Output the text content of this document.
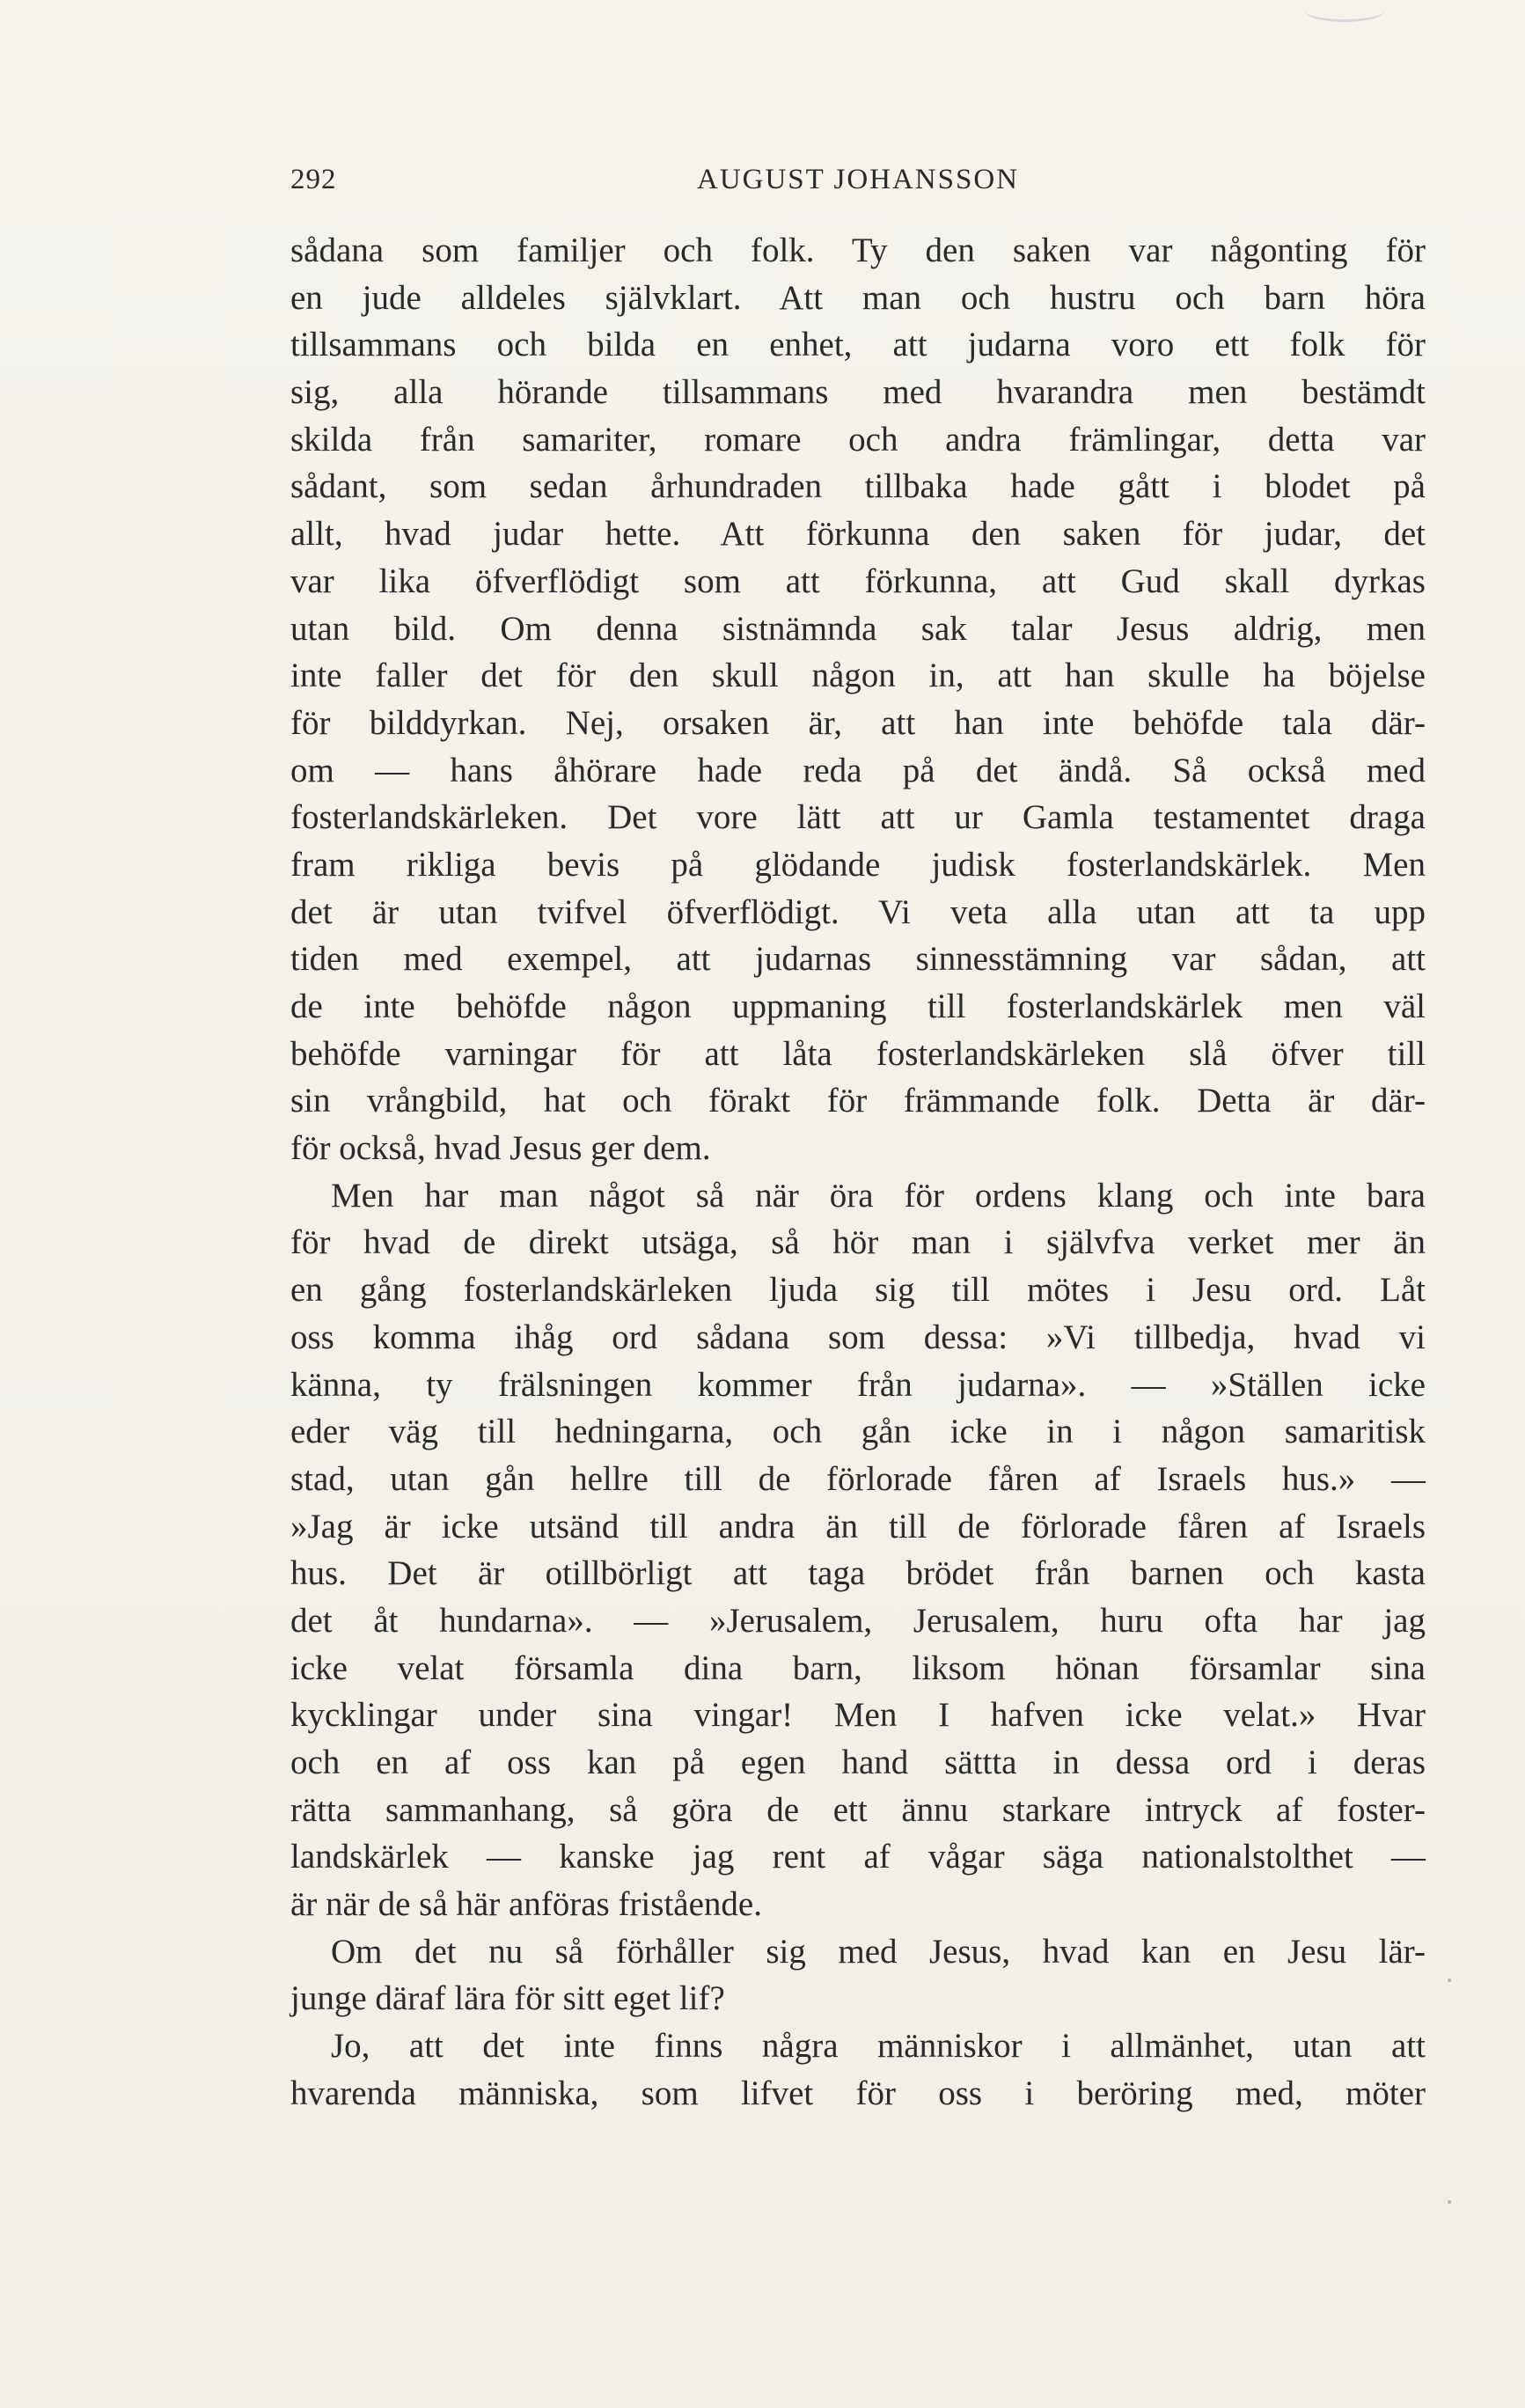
292	AUGUST JOHANSSON
sådana som familjer och folk. Ty den saken var någonting för
en jude alldeles självklart. Att man och hustru och barn höra
tillsammans och bilda en enhet, att judarna voro ett folk för
sig, alla hörande tillsammans med hvarandra men bestämdt
skilda från samariter, romare och andra främlingar, detta var
sådant, som sedan århundraden tillbaka hade gått i blodet på
allt, hvad judar hette. Att förkunna den saken för judar, det
var lika öfverflödigt som att förkunna, att Gud skall dyrkas
utan bild. Om denna sistnämnda sak talar Jesus aldrig, men
inte faller det för den skull någon in, att han skulle ha böjelse
för bilddyrkan. Nej, orsaken är, att han inte behöfde tala där-
om — hans åhörare hade reda på det ändå. Så också med
fosterlandskärleken. Det vore lätt att ur Gamla testamentet draga
fram rikliga bevis på glödande judisk fosterlandskärlek. Men
det är utan tvifvel öfverflödigt. Vi veta alla utan att ta upp
tiden med exempel, att judarnas sinnesstämning var sådan, att
de inte behöfde någon uppmaning till fosterlandskärlek men väl
behöfde varningar för att låta fosterlandskärleken slå öfver till
sin vrångbild, hat och förakt för främmande folk. Detta är där-
för också, hvad Jesus ger dem.
Men har man något så när öra för ordens klang och inte bara
för hvad de direkt utsäga, så hör man i självfva verket mer än
en gång fosterlandskärleken ljuda sig till mötes i Jesu ord. Låt
oss komma ihåg ord sådana som dessa: »Vi tillbedja, hvad vi
känna, ty frälsningen kommer från judarna». — »Ställen icke
eder väg till hedningarna, och gån icke in i någon samaritisk
stad, utan gån hellre till de förlorade fåren af Israels hus.» —
»Jag är icke utsänd till andra än till de förlorade fåren af Israels
hus. Det är otillbörligt att taga brödet från barnen och kasta
det åt hundarna». — »Jerusalem, Jerusalem, huru ofta har jag
icke velat församla dina barn, liksom hönan församlar sina
kycklingar under sina vingar! Men I hafven icke velat.» Hvar
och en af oss kan på egen hand sättta in dessa ord i deras
rätta sammanhang, så göra de ett ännu starkare intryck af foster-
landskärlek — kanske jag rent af vågar säga nationalstolthet —
är när de så här anföras fristående.
Om det nu så förhåller sig med Jesus, hvad kan en Jesu lär-
junge däraf lära för sitt eget lif?
Jo, att det inte finns några människor i allmänhet, utan att
hvarenda människa, som lifvet för oss i beröring med, möter
